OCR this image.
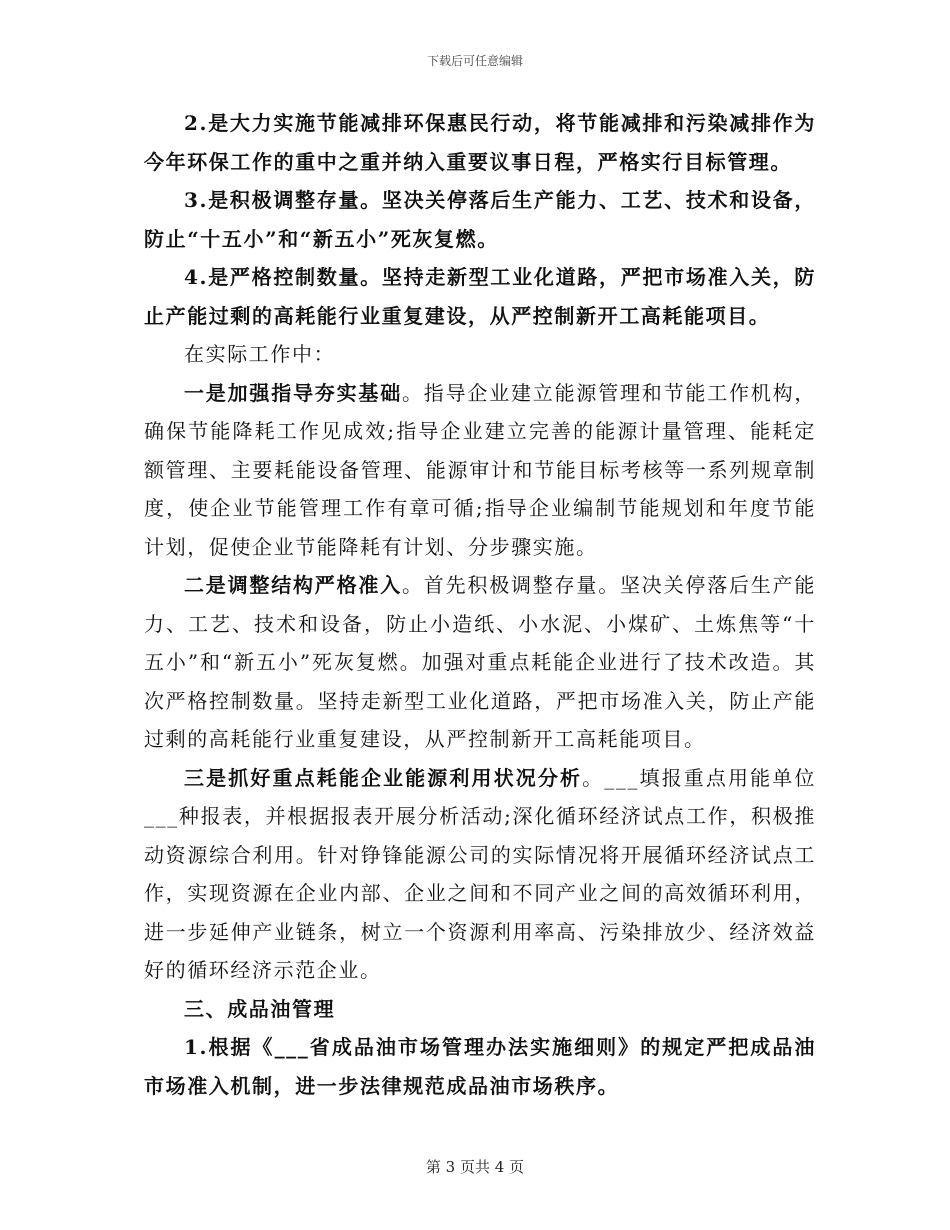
下载后可任意编辑

2.是大力实施节能减排环保惠民行动，将节能减排和污染减排作为今年环保工作的重中之重并纳入重要议事日程，严格实行目标管理。

3.是积极调整存量。坚决关停落后生产能力、工艺、技术和设备，防止“十五小”和“新五小”死灰复燃。

4.是严格控制数量。坚持走新型工业化道路，严把市场准入关，防止产能过剩的高耗能行业重复建设，从严控制新开工高耗能项目。

在实际工作中：

一是加强指导夯实基础。指导企业建立能源管理和节能工作机构，确保节能降耗工作见成效;指导企业建立完善的能源计量管理、能耗定额管理、主要耗能设备管理、能源审计和节能目标考核等一系列规章制度，使企业节能管理工作有章可循;指导企业编制节能规划和年度节能计划，促使企业节能降耗有计划、分步骤实施。

二是调整结构严格准入。首先积极调整存量。坚决关停落后生产能力、工艺、技术和设备，防止小造纸、小水泥、小煤矿、土炼焦等“十五小”和“新五小”死灰复燃。加强对重点耗能企业进行了技术改造。其次严格控制数量。坚持走新型工业化道路，严把市场准入关，防止产能过剩的高耗能行业重复建设，从严控制新开工高耗能项目。

三是抓好重点耗能企业能源利用状况分析。___填报重点用能单位___种报表，并根据报表开展分析活动;深化循环经济试点工作，积极推动资源综合利用。针对铮锋能源公司的实际情况将开展循环经济试点工作，实现资源在企业内部、企业之间和不同产业之间的高效循环利用，进一步延伸产业链条，树立一个资源利用率高、污染排放少、经济效益好的循环经济示范企业。

三、成品油管理

1.根据《___省成品油市场管理办法实施细则》的规定严把成品油市场准入机制，进一步法律规范成品油市场秩序。

第 3 页共 4 页
